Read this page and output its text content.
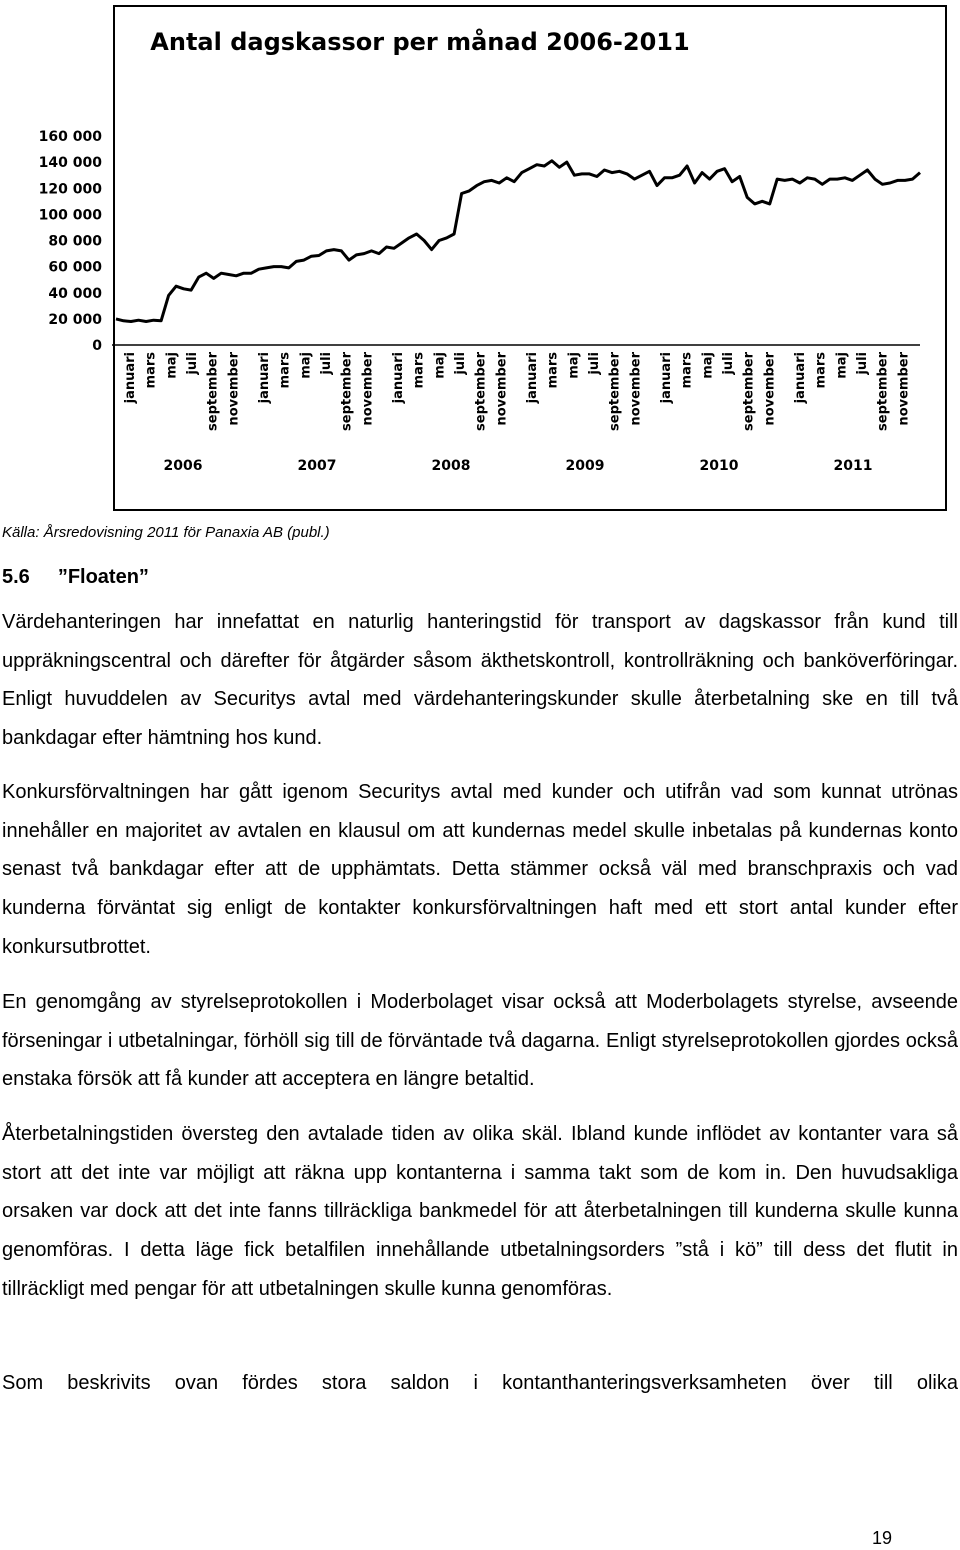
Antal dagskassor per månad 2006-2011
160 000
140 000
120 000
100 000
80 000
60 000
40 000
20 000
0
januari mars maj juli september november januari mars maj juli september november januari mars maj juli september november januari mars maj juli september november januari mars maj juli september november januari mars maj juli september november
2006	2007	2008	2009	2010	2011
Källa: Årsredovisning 2011 för Panaxia AB (publ.)
5.6 ”Floaten”

Värdehanteringen har innefattat en naturlig hanteringstid för transport av dagskassor från kund till uppräkningscentral och därefter för åtgärder såsom äkthetskontroll, kontrollräkning och banköverföringar. Enligt huvuddelen av Securitys avtal med värdehanteringskunder skulle återbetalning ske en till två bankdagar efter hämtning hos kund.

Konkursförvaltningen har gått igenom Securitys avtal med kunder och utifrån vad som kunnat utrönas innehåller en majoritet av avtalen en klausul om att kundernas medel skulle inbetalas på kundernas konto senast två bankdagar efter att de upphämtats. Detta stämmer också väl med branschpraxis och vad kunderna förväntat sig enligt de kontakter konkursförvaltningen haft med ett stort antal kunder efter konkursutbrottet.

En genomgång av styrelseprotokollen i Moderbolaget visar också att Moderbolagets styrelse, avseende förseningar i utbetalningar, förhöll sig till de förväntade två dagarna. Enligt styrelseprotokollen gjordes också enstaka försök att få kunder att acceptera en längre betaltid.

Återbetalningstiden översteg den avtalade tiden av olika skäl. Ibland kunde inflödet av kontanter vara så stort att det inte var möjligt att räkna upp kontanterna i samma takt som de kom in. Den huvudsakliga orsaken var dock att det inte fanns tillräckliga bankmedel för att återbetalningen till kunderna skulle kunna genomföras. I detta läge fick betalfilen innehållande utbetalningsorders ”stå i kö” till dess det flutit in tillräckligt med pengar för att utbetalningen skulle kunna genomföras.

Som beskrivits ovan fördes stora saldon i kontanthanteringsverksamheten över till olika

19
